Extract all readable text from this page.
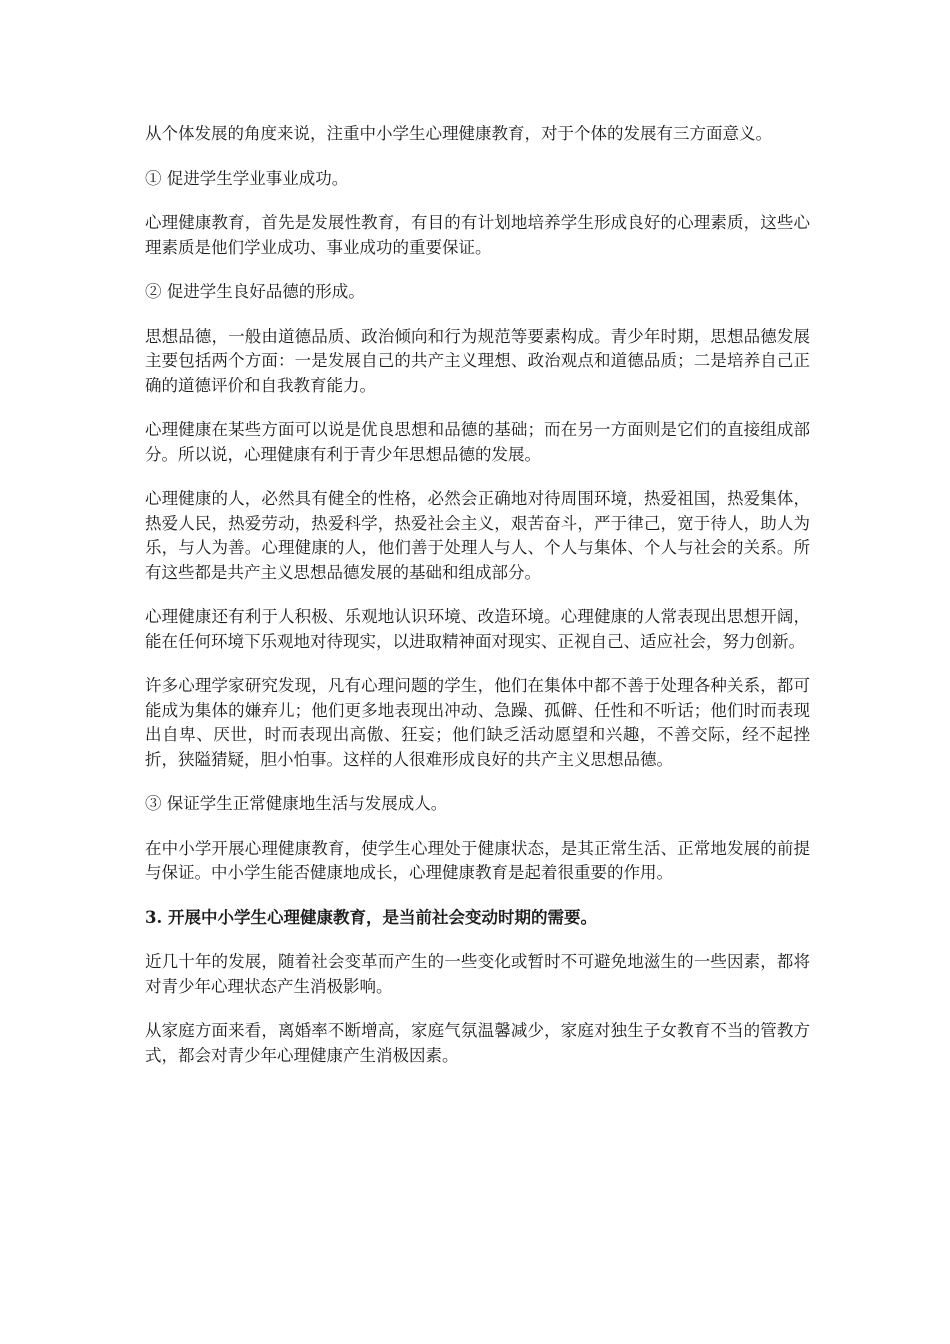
从个体发展的角度来说，注重中小学生心理健康教育，对于个体的发展有三方面意义。

① 促进学生学业事业成功。

心理健康教育，首先是发展性教育，有目的有计划地培养学生形成良好的心理素质，这些心理素质是他们学业成功、事业成功的重要保证。

② 促进学生良好品德的形成。

思想品德，一般由道德品质、政治倾向和行为规范等要素构成。青少年时期，思想品德发展主要包括两个方面：一是发展自己的共产主义理想、政治观点和道德品质；二是培养自己正确的道德评价和自我教育能力。

心理健康在某些方面可以说是优良思想和品德的基础；而在另一方面则是它们的直接组成部分。所以说，心理健康有利于青少年思想品德的发展。

心理健康的人，必然具有健全的性格，必然会正确地对待周围环境，热爱祖国，热爱集体，热爱人民，热爱劳动，热爱科学，热爱社会主义，艰苦奋斗，严于律己，宽于待人，助人为乐，与人为善。心理健康的人，他们善于处理人与人、个人与集体、个人与社会的关系。所有这些都是共产主义思想品德发展的基础和组成部分。

心理健康还有利于人积极、乐观地认识环境、改造环境。心理健康的人常表现出思想开阔，能在任何环境下乐观地对待现实，以进取精神面对现实、正视自己、适应社会，努力创新。

许多心理学家研究发现，凡有心理问题的学生，他们在集体中都不善于处理各种关系，都可能成为集体的嫌弃儿；他们更多地表现出冲动、急躁、孤僻、任性和不听话；他们时而表现出自卑、厌世，时而表现出高傲、狂妄；他们缺乏活动愿望和兴趣，不善交际，经不起挫折，狭隘猜疑，胆小怕事。这样的人很难形成良好的共产主义思想品德。

③ 保证学生正常健康地生活与发展成人。

在中小学开展心理健康教育，使学生心理处于健康状态，是其正常生活、正常地发展的前提与保证。中小学生能否健康地成长，心理健康教育是起着很重要的作用。

3. 开展中小学生心理健康教育，是当前社会变动时期的需要。

近几十年的发展，随着社会变革而产生的一些变化或暂时不可避免地滋生的一些因素，都将对青少年心理状态产生消极影响。

从家庭方面来看，离婚率不断增高，家庭气氛温馨减少，家庭对独生子女教育不当的管教方式，都会对青少年心理健康产生消极因素。
